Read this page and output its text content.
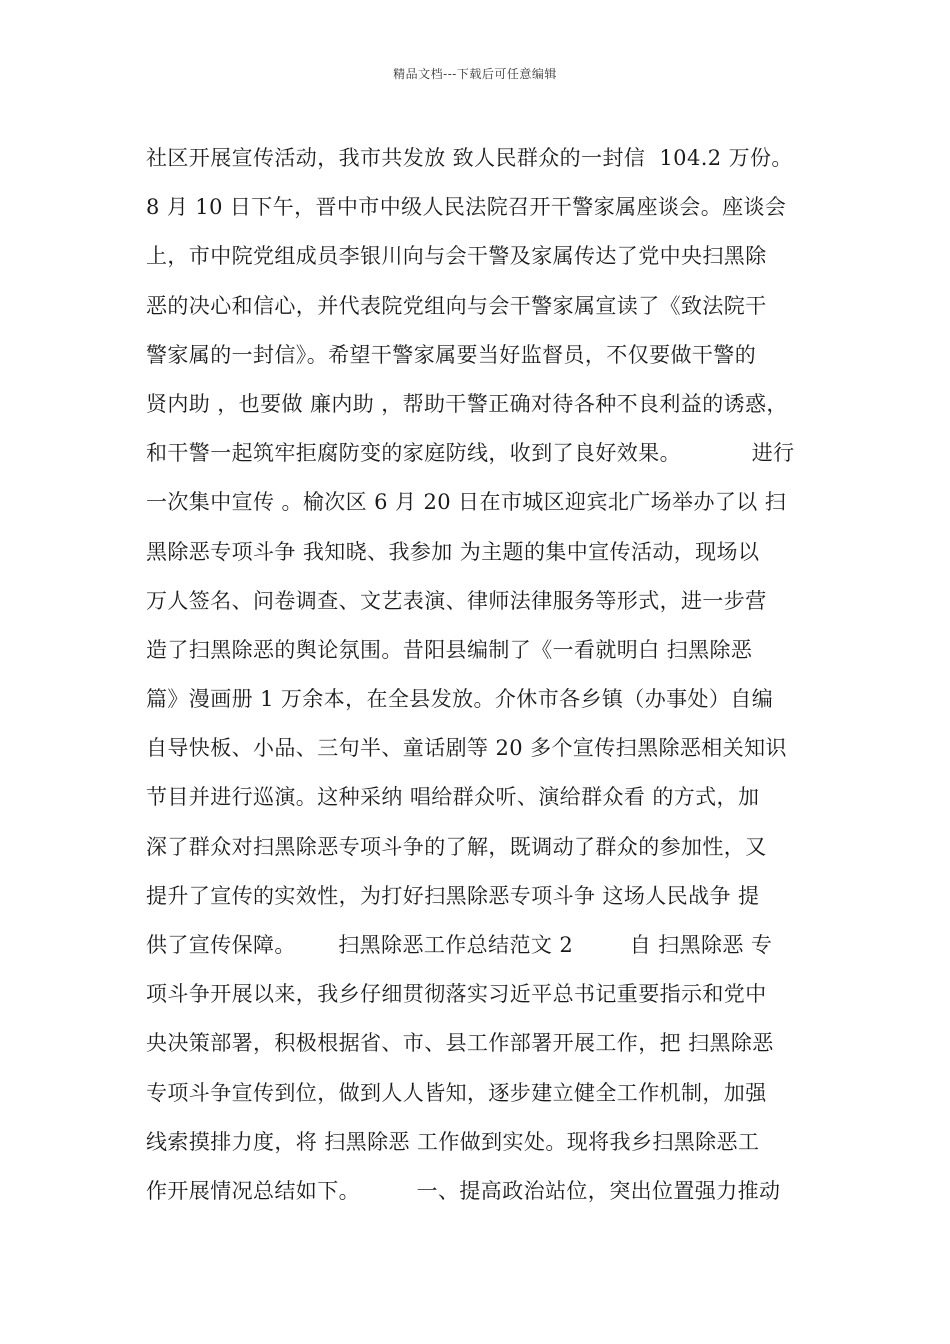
精品文档---下载后可任意编辑
社区开展宣传活动，我市共发放 致人民群众的一封信  104.2 万份。
8 月 10 日下午，晋中市中级人民法院召开干警家属座谈会。座谈会
上，市中院党组成员李银川向与会干警及家属传达了党中央扫黑除
恶的决心和信心，并代表院党组向与会干警家属宣读了《致法院干
警家属的一封信》。希望干警家属要当好监督员，不仅要做干警的
贤内助 ，也要做 廉内助 ，帮助干警正确对待各种不良利益的诱惑，
和干警一起筑牢拒腐防变的家庭防线，收到了良好效果。          进行
一次集中宣传 。榆次区 6 月 20 日在市城区迎宾北广场举办了以 扫
黑除恶专项斗争 我知晓、我参加 为主题的集中宣传活动，现场以
万人签名、问卷调查、文艺表演、律师法律服务等形式，进一步营
造了扫黑除恶的舆论氛围。昔阳县编制了《一看就明白 扫黑除恶
篇》漫画册 1 万余本，在全县发放。介休市各乡镇（办事处）自编
自导快板、小品、三句半、童话剧等 20 多个宣传扫黑除恶相关知识
节目并进行巡演。这种采纳 唱给群众听、演给群众看 的方式，加
深了群众对扫黑除恶专项斗争的了解，既调动了群众的参加性，又
提升了宣传的实效性，为打好扫黑除恶专项斗争 这场人民战争 提
供了宣传保障。      扫黑除恶工作总结范文 2        自 扫黑除恶 专
项斗争开展以来，我乡仔细贯彻落实习近平总书记重要指示和党中
央决策部署，积极根据省、市、县工作部署开展工作，把 扫黑除恶
专项斗争宣传到位，做到人人皆知，逐步建立健全工作机制，加强
线索摸排力度，将 扫黑除恶 工作做到实处。现将我乡扫黑除恶工
作开展情况总结如下。        一、提高政治站位，突出位置强力推动
